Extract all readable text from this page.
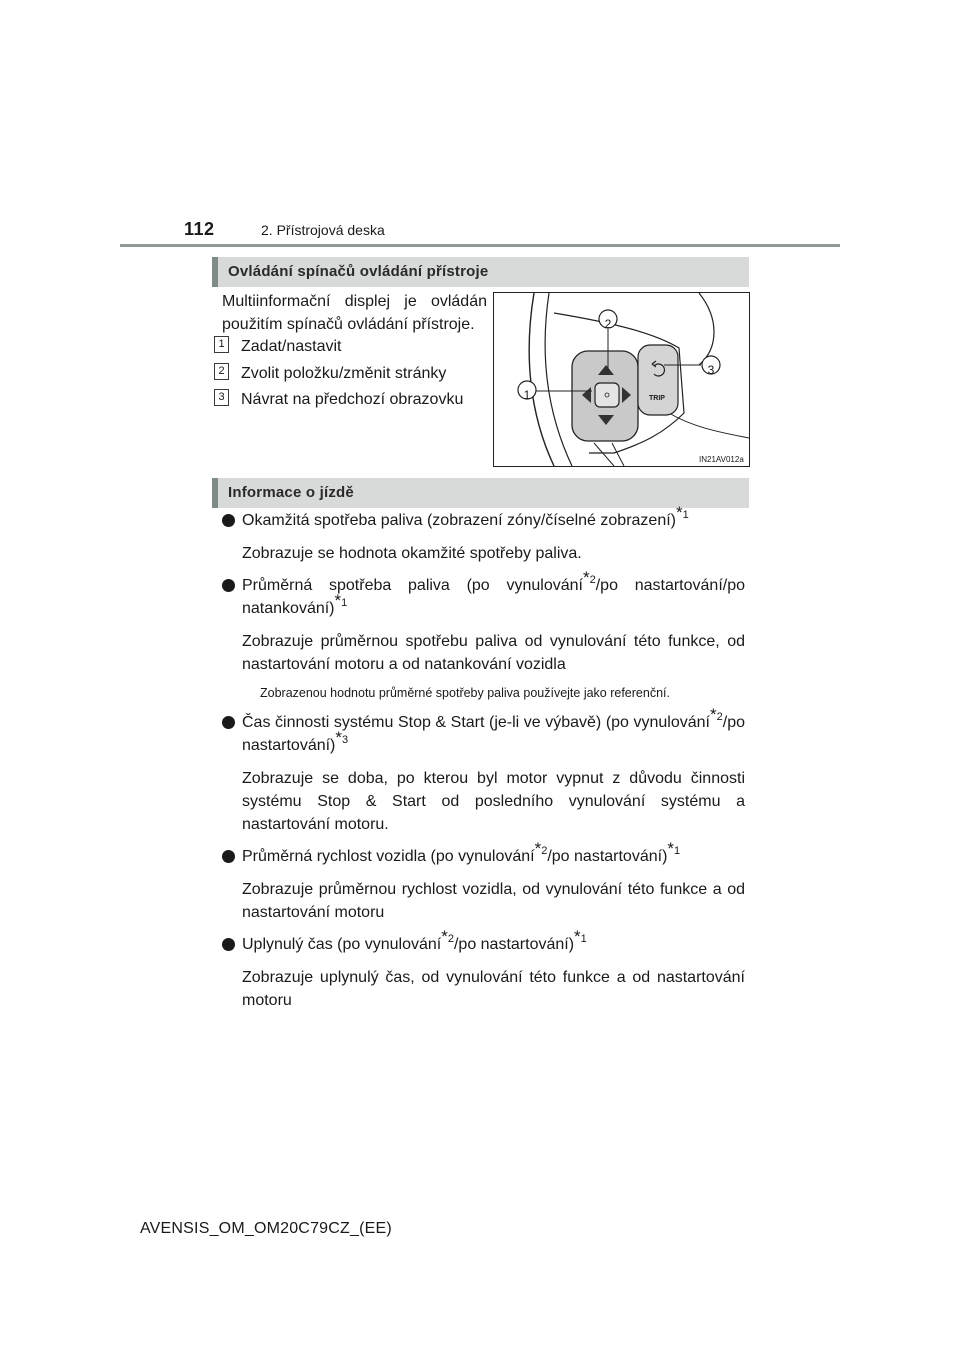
112	2. Přístrojová deska
Ovládání spínačů ovládání přístroje
Multiinformační displej je ovládán použitím spínačů ovládání přístroje.
1 Zadat/nastavit
2 Zvolit položku/změnit stránky
3 Návrat na předchozí obrazovku	1
2
3
TRIP
IN21AV012a
Informace o jízdě
Okamžitá spotřeba paliva (zobrazení zóny/číselné zobrazení)$^{*1}$
Zobrazuje se hodnota okamžité spotřeby paliva.
Průměrná spotřeba paliva (po vynulování$^{*2}$/po nastartování/po natankování)$^{*1}$
Zobrazuje průměrnou spotřebu paliva od vynulování této funkce, od nastartování motoru a od natankování vozidla
Zobrazenou hodnotu průměrné spotřeby paliva používejte jako referenční.
Čas činnosti systému Stop & Start (je-li ve výbavě) (po vynulování$^{*2}$/po nastartování)$^{*3}$
Zobrazuje se doba, po kterou byl motor vypnut z důvodu činnosti systému Stop & Start od posledního vynulování systému a nastartování motoru.
Průměrná rychlost vozidla (po vynulování$^{*2}$/po nastartování)$^{*1}$
Zobrazuje průměrnou rychlost vozidla, od vynulování této funkce a od nastartování motoru
Uplynulý čas (po vynulování$^{*2}$/po nastartování)$^{*1}$
Zobrazuje uplynulý čas, od vynulování této funkce a od nastartování motoru
AVENSIS_OM_OM20C79CZ_(EE)
